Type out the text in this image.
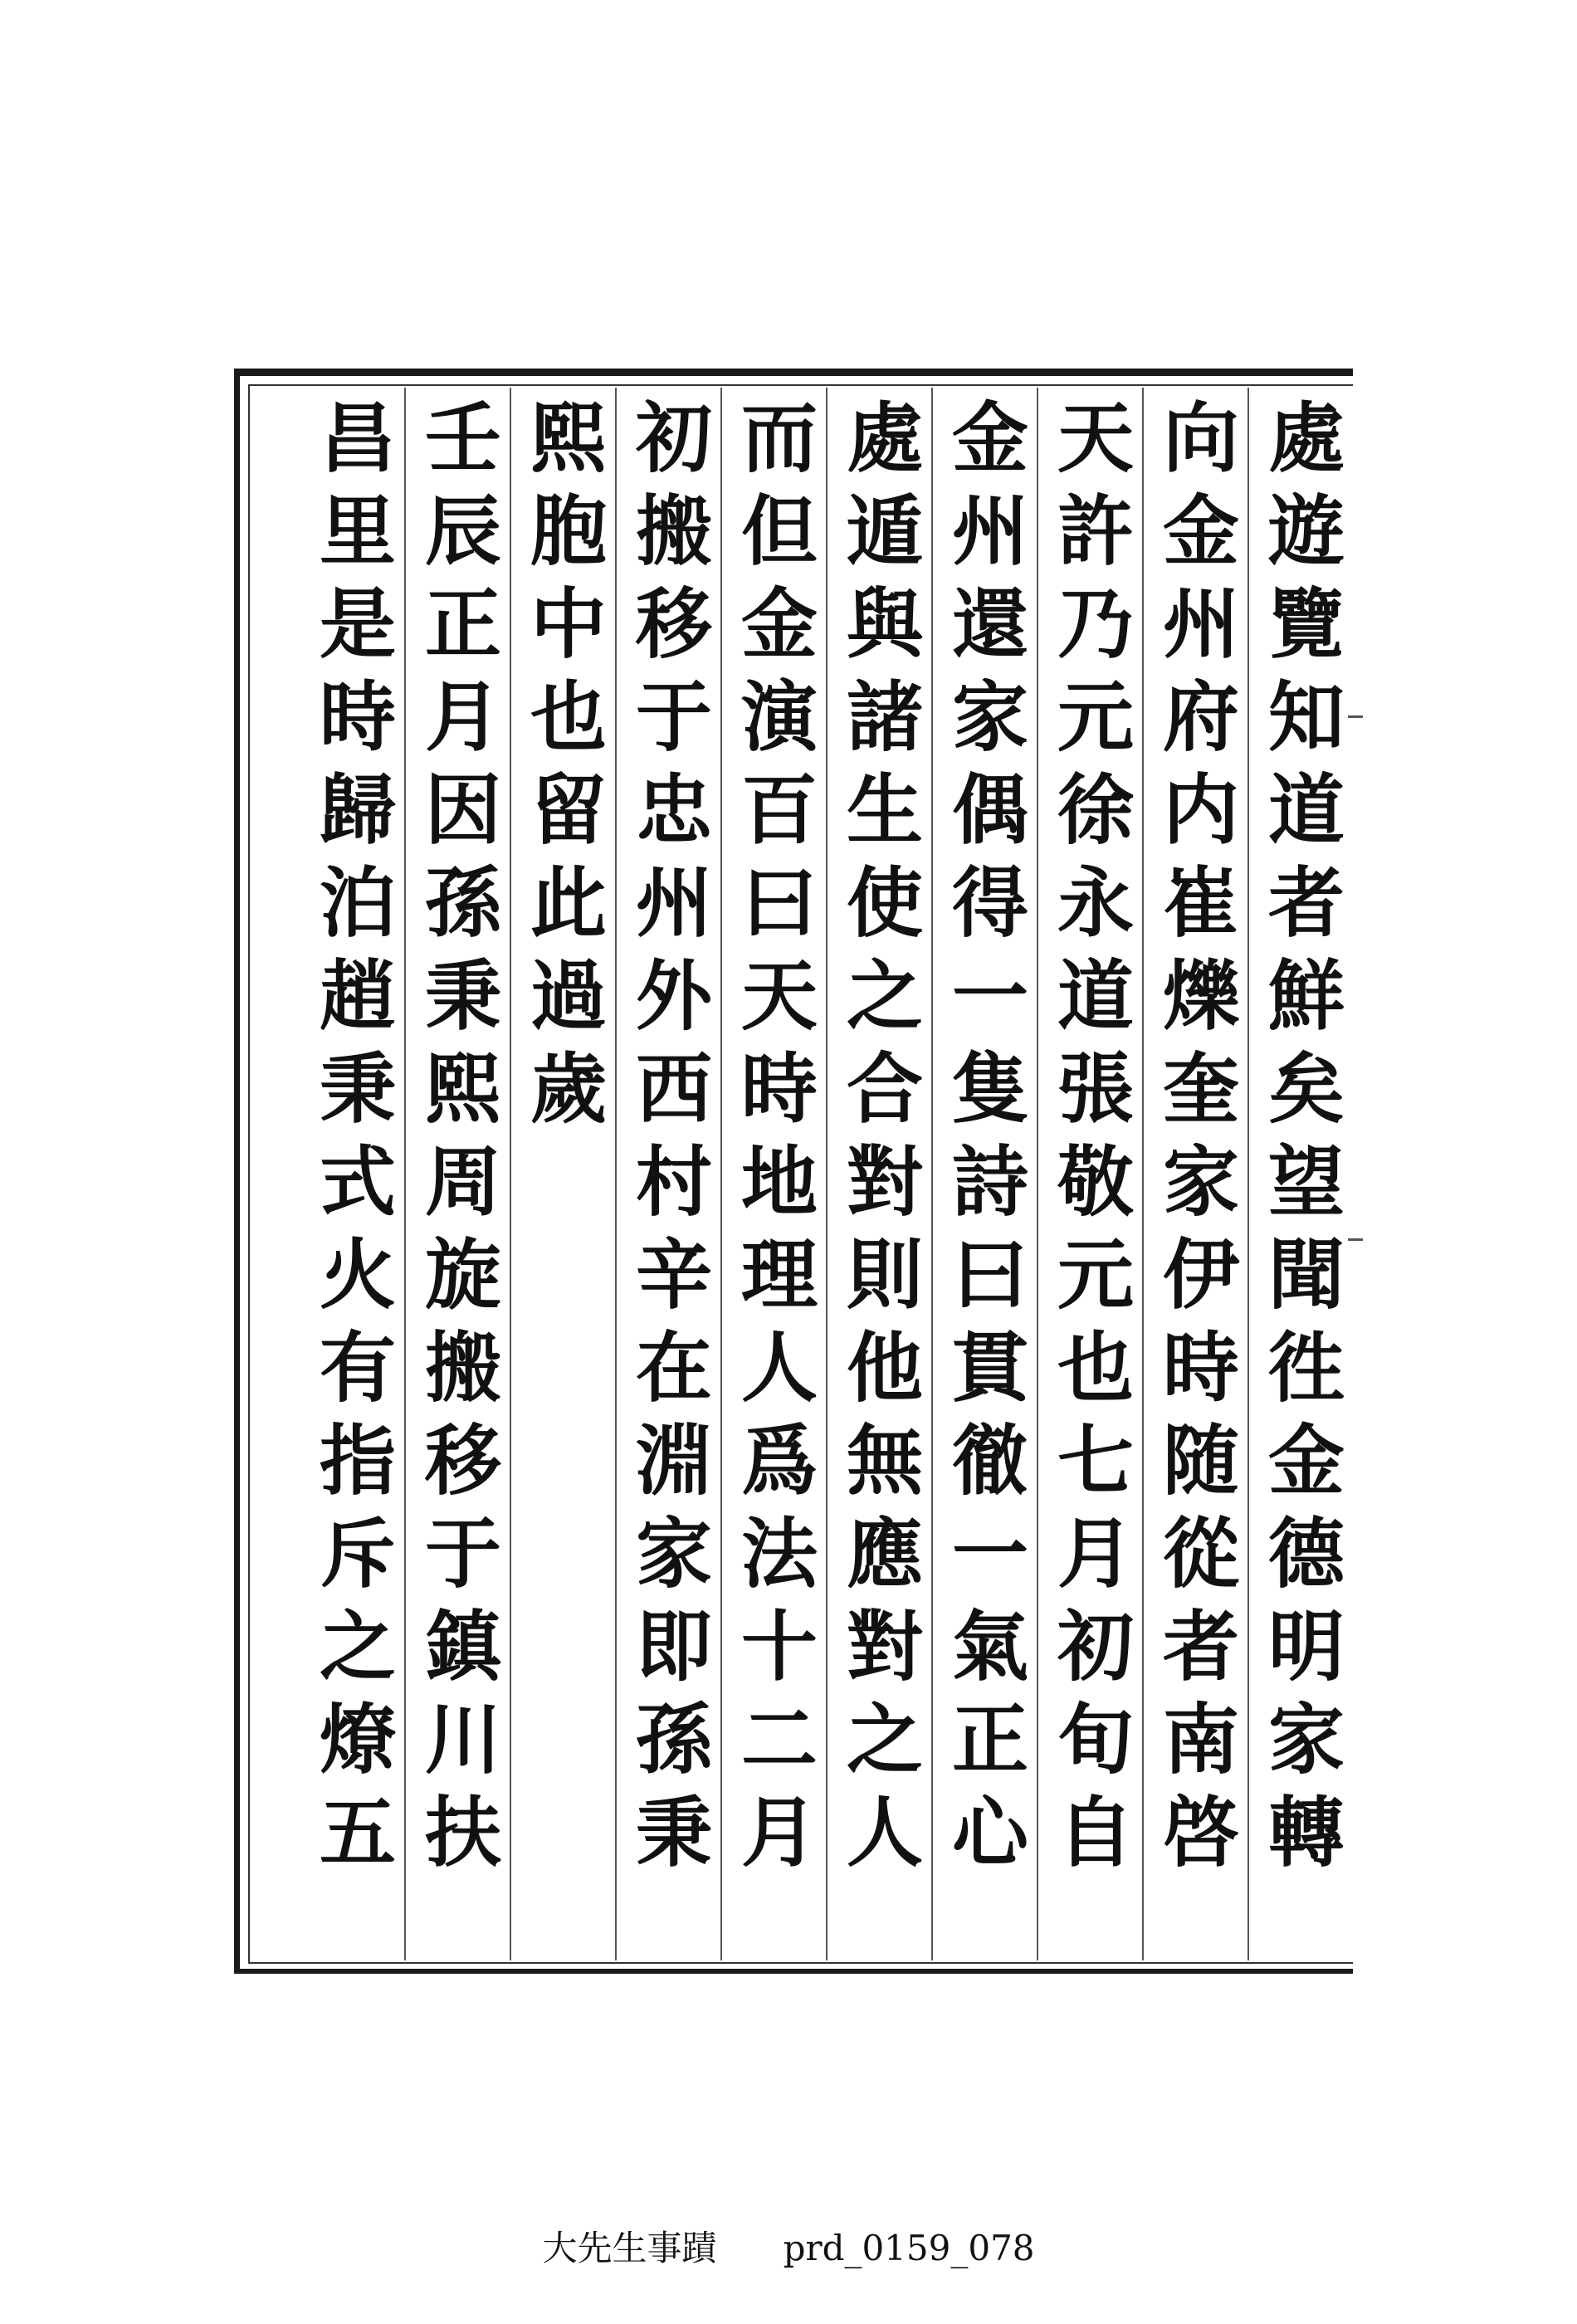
處遊覽知道者鮮矣望聞徃金德明家轉
向金州府内崔爍奎家伊時随從者南啓
天許乃元徐永道張敬元也七月初旬自
金州還家偶得一隻詩曰貫徹一氣正心
處遁與諸生使之合對則他無應對之人
而但金演百曰天時地理人爲法十二月
初搬移于忠州外西村辛在淵家即孫秉
熙胞中也留此過歲
壬辰正月因孫秉熙周旋搬移于鎮川扶
昌里是時歸泊趙秉式火有指斥之燎五
大先生事蹟 prd_0159_078
